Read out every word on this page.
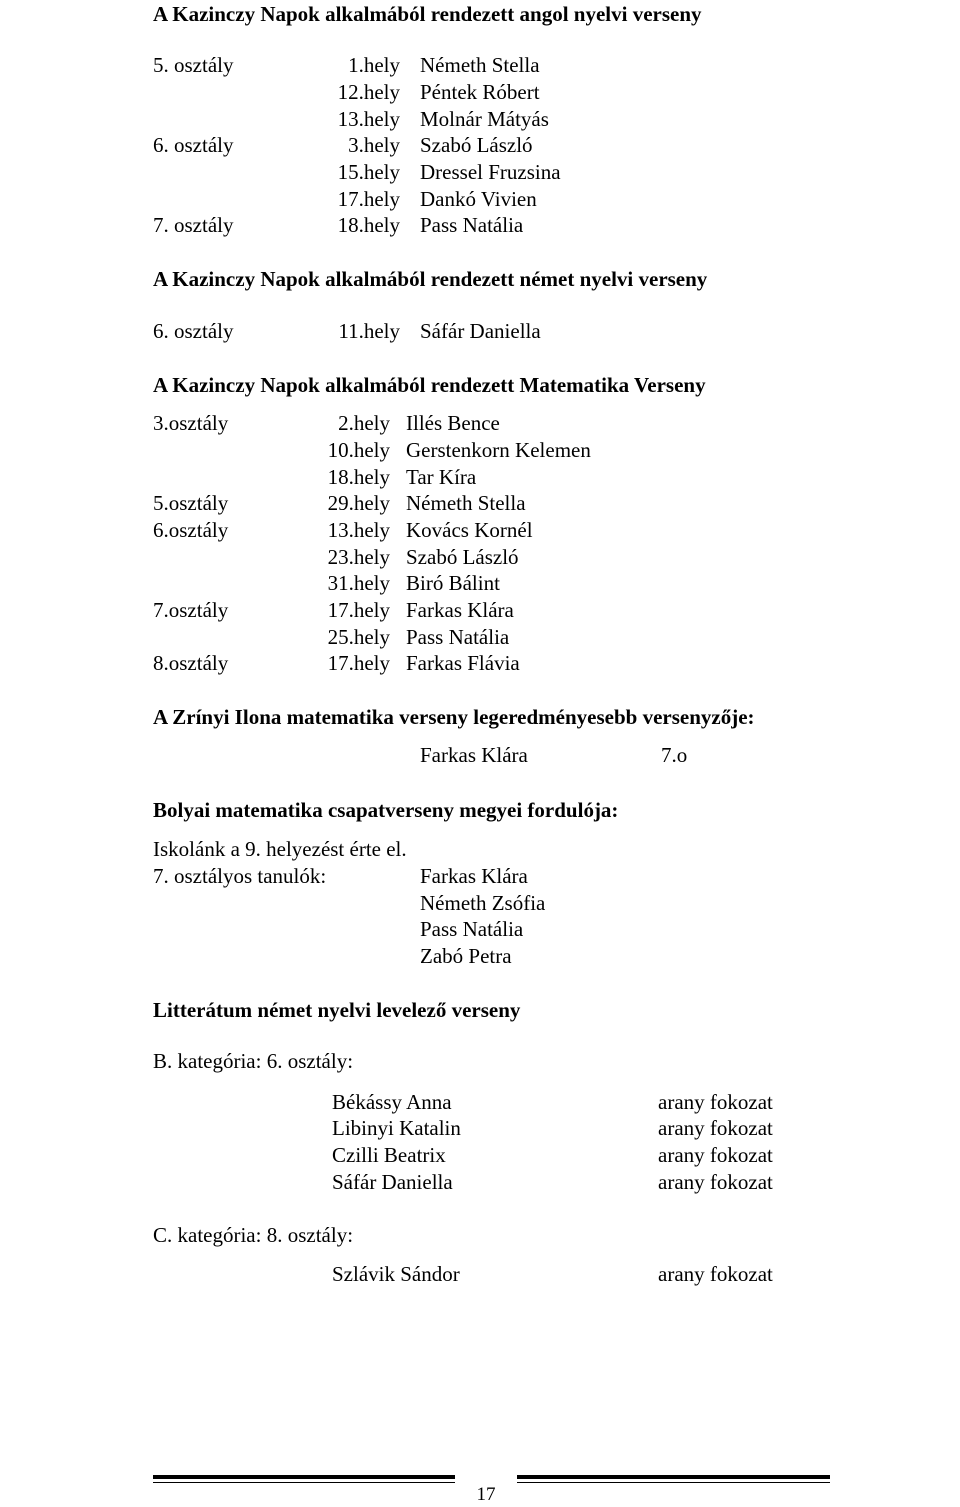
A Kazinczy Napok alkalmából rendezett angol nyelvi verseny
5. osztály	1.hely Németh Stella
12.hely Péntek Róbert
13.hely Molnár Mátyás
6. osztály	3.hely Szabó László
15.hely Dressel Fruzsina
17.hely Dankó Vivien
7. osztály	18.hely Pass Natália
A Kazinczy Napok alkalmából rendezett német nyelvi verseny
6. osztály	11.hely Sáfár Daniella
A Kazinczy Napok alkalmából rendezett Matematika Verseny
3.osztály	2.hely Illés Bence
10.hely Gerstenkorn Kelemen
18.hely Tar Kíra
5.osztály	29.hely Németh Stella
6.osztály	13.hely Kovács Kornél
23.hely Szabó László
31.hely Biró Bálint
7.osztály	17.hely Farkas Klára
25.hely Pass Natália
8.osztály	17.hely Farkas Flávia
A Zrínyi Ilona matematika verseny legeredményesebb versenyzője:
Farkas Klára	7.o
Bolyai matematika csapatverseny megyei fordulója:
Iskolánk a 9. helyezést érte el.
7. osztályos tanulók:	Farkas Klára
Németh Zsófia
Pass Natália
Zabó Petra
Litterátum német nyelvi levelező verseny
B. kategória: 6. osztály:
Békássy Anna	arany fokozat
Libinyi Katalin	arany fokozat
Czilli Beatrix	arany fokozat
Sáfár Daniella	arany fokozat
C. kategória: 8. osztály:
Szlávik Sándor	arany fokozat
17
